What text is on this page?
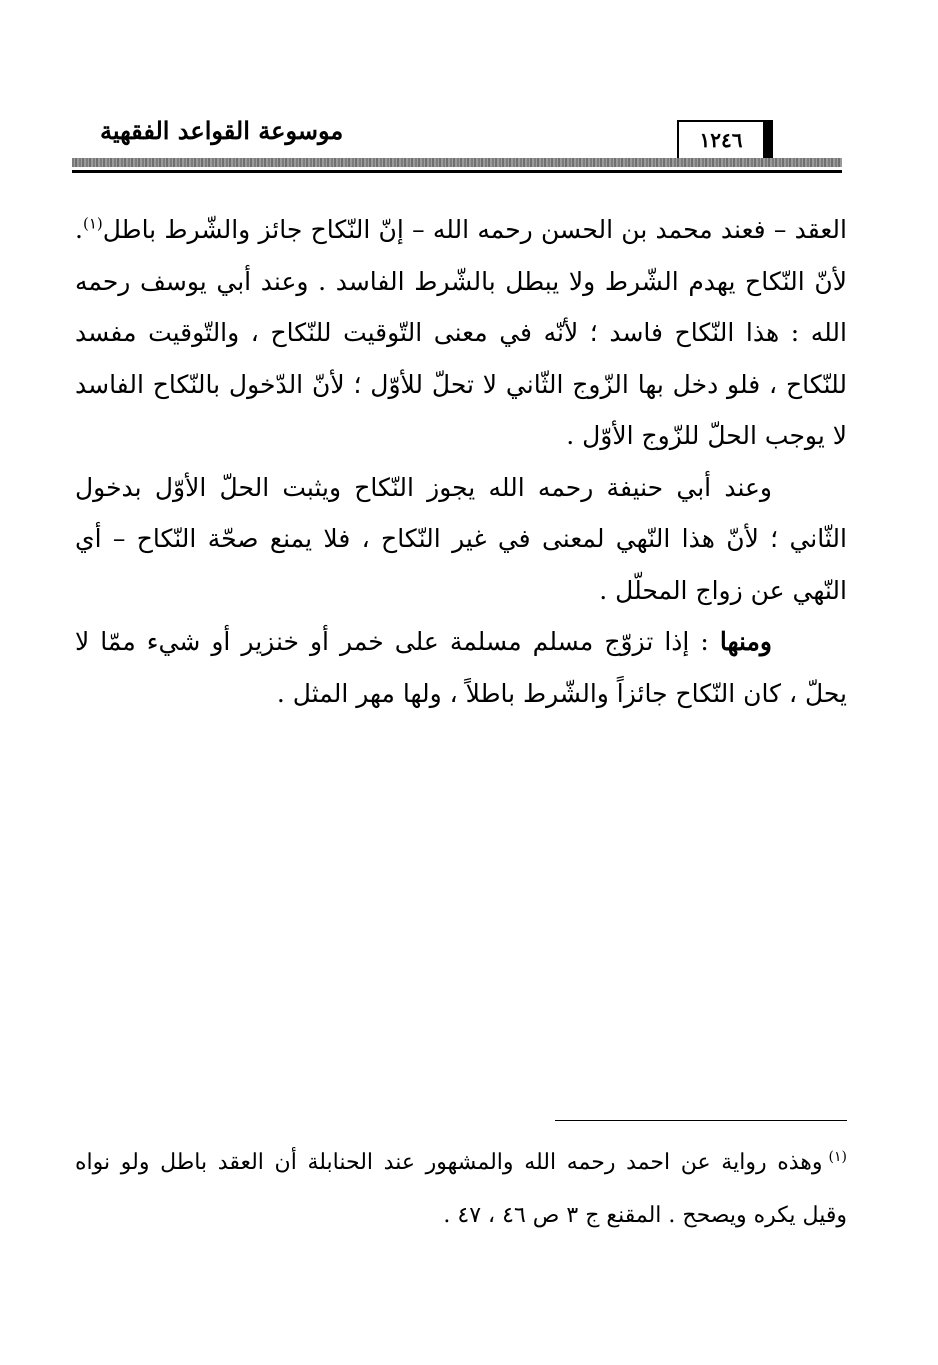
موسوعة القواعد الفقهية	١٢٤٦

العقد – فعند محمد بن الحسن رحمه الله – إنّ النّكاح جائز والشّرط باطل$^{(١)}$. لأنّ النّكاح يهدم الشّرط ولا يبطل بالشّرط الفاسد . وعند أبي يوسف رحمه الله : هذا النّكاح فاسد ؛ لأنّه في معنى التّوقيت للنّكاح ، والتّوقيت مفسد للنّكاح ، فلو دخل بها الزّوج الثّاني لا تحلّ للأوّل ؛ لأنّ الدّخول بالنّكاح الفاسد لا يوجب الحلّ للزّوج الأوّل .

وعند أبي حنيفة رحمه الله يجوز النّكاح ويثبت الحلّ الأوّل بدخول الثّاني ؛ لأنّ هذا النّهي لمعنى في غير النّكاح ، فلا يمنع صحّة النّكاح – أي النّهي عن زواج المحلّل .

ومنها : إذا تزوّج مسلم مسلمة على خمر أو خنزير أو شيء ممّا لا يحلّ ، كان النّكاح جائزاً والشّرط باطلاً ، ولها مهر المثل .

$^{(١)}$وهذه رواية عن احمد رحمه الله والمشهور عند الحنابلة أن العقد باطل ولو نواه وقيل يكره ويصحح . المقنع ج ٣ ص ٤٦ ، ٤٧ .
